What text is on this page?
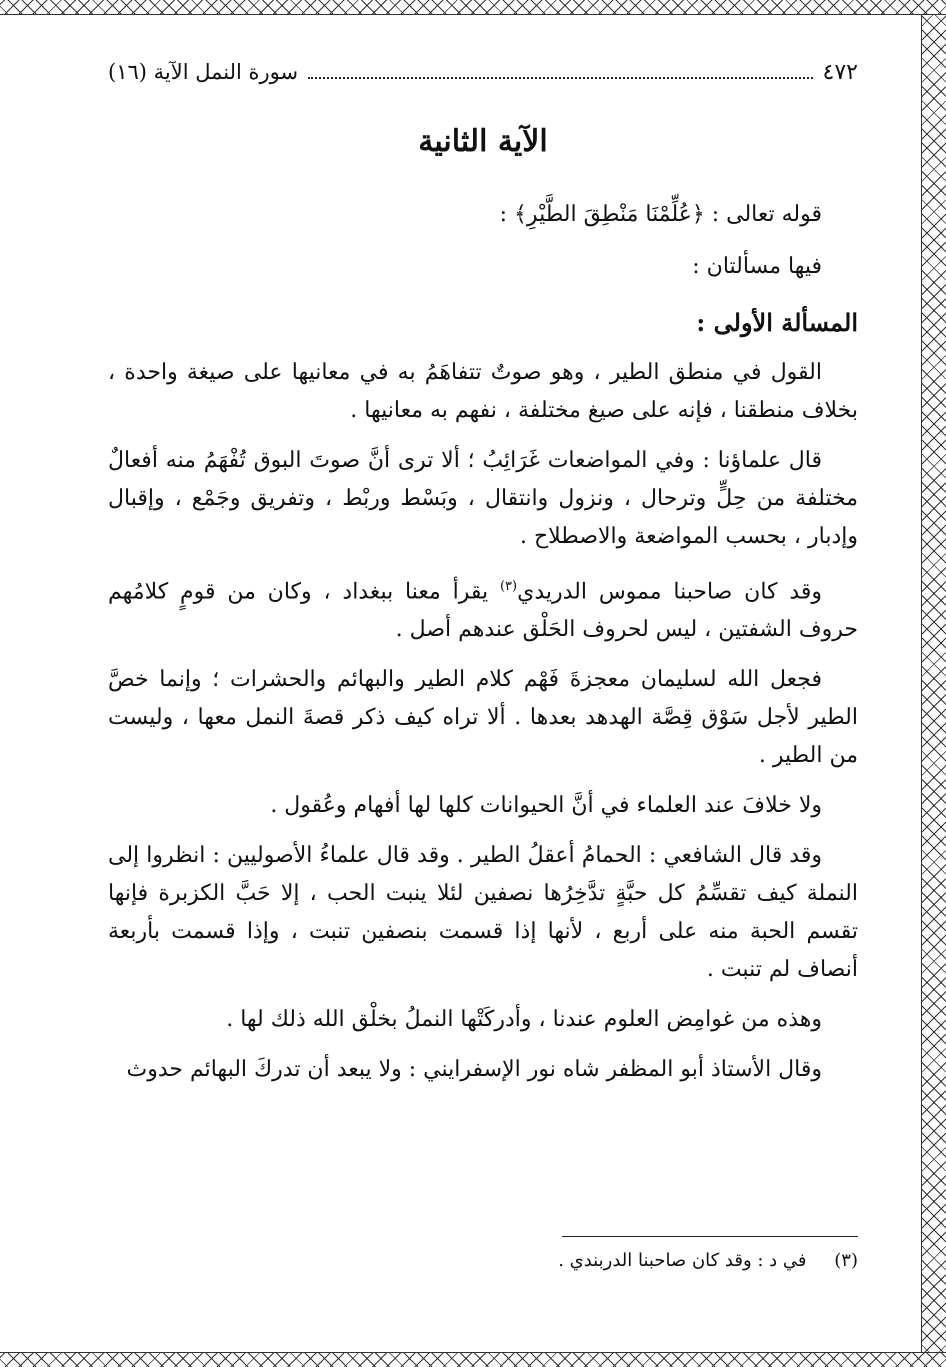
٤٧٢
سورة النمل الآية (١٦)
الآية الثانية

قوله تعالى : ﴿عُلِّمْنَا مَنْطِقَ الطَّيْرِ﴾ :

فيها مسألتان :

المسألة الأولى :

القول في منطق الطير ، وهو صوتٌ تتفاهَمُ به في معانيها على صيغة واحدة ، بخلاف منطقنا ، فإنه على صيغ مختلفة ، نفهم به معانيها .

قال علماؤنا : وفي المواضعات غَرَائِبُ ؛ ألا ترى أنَّ صوتَ البوق تُفْهَمُ منه أفعالٌ مختلفة من حِلٍّ وترحال ، ونزول وانتقال ، وبَسْط وربْط ، وتفريق وجَمْع ، وإقبال وإدبار ، بحسب المواضعة والاصطلاح .

وقد كان صاحبنا مموس الدريدي$^{(٣)}$ يقرأ معنا ببغداد ، وكان من قومٍ كلامُهم حروف الشفتين ، ليس لحروف الحَلْق عندهم أصل .

فجعل الله لسليمان معجزةَ فَهْم كلام الطير والبهائم والحشرات ؛ وإنما خصَّ الطير لأجل سَوْق قِصَّة الهدهد بعدها . ألا تراه كيف ذكر قصةَ النمل معها ، وليست من الطير .

ولا خلافَ عند العلماء في أنَّ الحيوانات كلها لها أفهام وعُقول .

وقد قال الشافعي : الحمامُ أعقلُ الطير . وقد قال علماءُ الأصوليين : انظروا إلى النملة كيف تقسِّمُ كل حبَّةٍ تدَّخِرُها نصفين لئلا ينبت الحب ، إلا حَبَّ الكزبرة فإنها تقسم الحبة منه على أربع ، لأنها إذا قسمت بنصفين تنبت ، وإذا قسمت بأربعة أنصاف لم تنبت .

وهذه من غوامِض العلوم عندنا ، وأدركَتْها النملُ بخلْق الله ذلك لها .

وقال الأستاذ أبو المظفر شاه نور الإسفرايني : ولا يبعد أن تدركَ البهائم حدوث

(٣) في د : وقد كان صاحبنا الدربندي .
